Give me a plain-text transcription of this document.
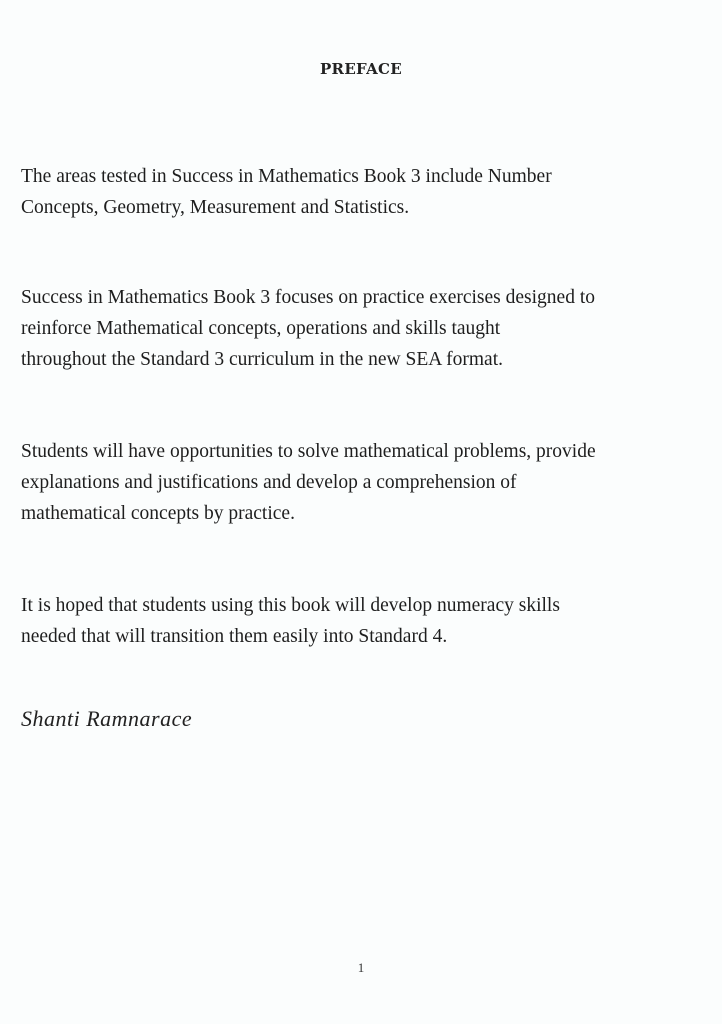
PREFACE
The areas tested in Success in Mathematics Book 3 include Number
Concepts, Geometry, Measurement and Statistics.
Success in Mathematics Book 3 focuses on practice exercises designed to
reinforce Mathematical concepts, operations and skills taught
throughout the Standard 3 curriculum in the new SEA format.
Students will have opportunities to solve mathematical problems, provide
explanations and justifications and develop a comprehension of
mathematical concepts by practice.
It is hoped that students using this book will develop numeracy skills
needed that will transition them easily into Standard 4.
Shanti Ramnarace
1
